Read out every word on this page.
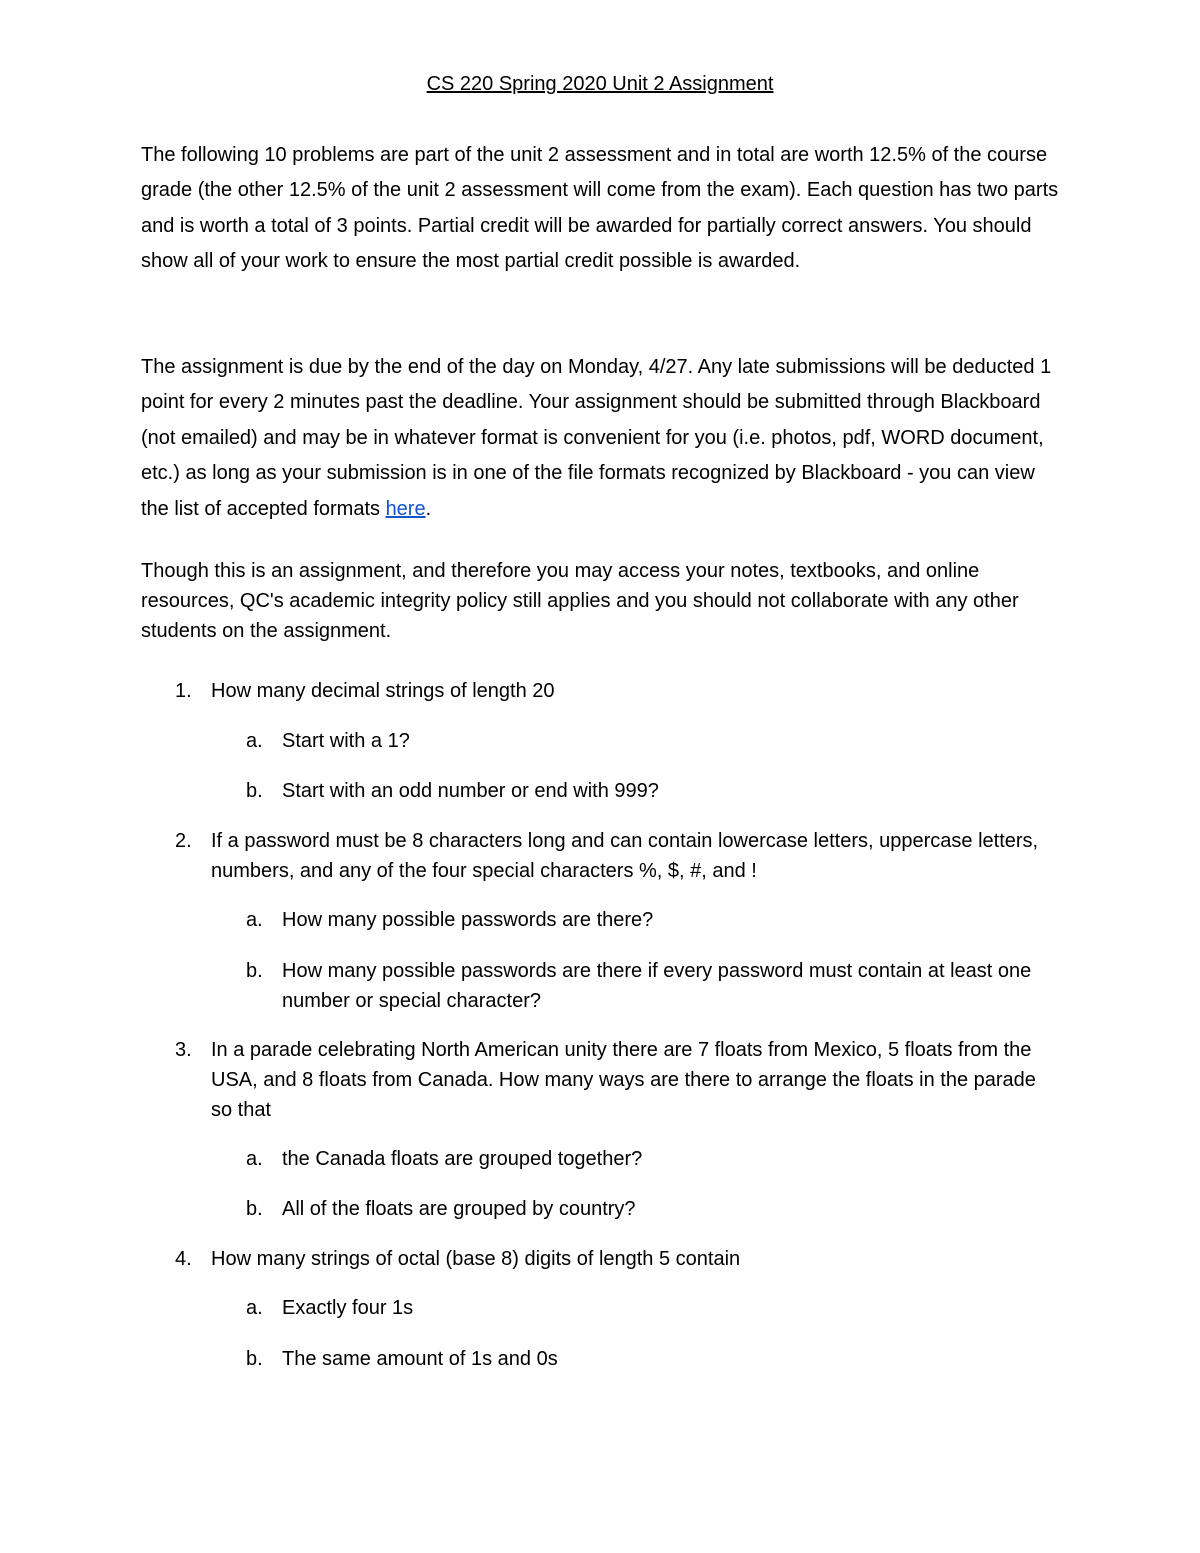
CS 220 Spring 2020 Unit 2 Assignment

The following 10 problems are part of the unit 2 assessment and in total are worth 12.5% of the course grade (the other 12.5% of the unit 2 assessment will come from the exam). Each question has two parts and is worth a total of 3 points. Partial credit will be awarded for partially correct answers. You should show all of your work to ensure the most partial credit possible is awarded.

The assignment is due by the end of the day on Monday, 4/27. Any late submissions will be deducted 1 point for every 2 minutes past the deadline. Your assignment should be submitted through Blackboard (not emailed) and may be in whatever format is convenient for you (i.e. photos, pdf, WORD document, etc.) as long as your submission is in one of the file formats recognized by Blackboard - you can view the list of accepted formats here.

Though this is an assignment, and therefore you may access your notes, textbooks, and online resources, QC's academic integrity policy still applies and you should not collaborate with any other students on the assignment.

1. How many decimal strings of length 20
a. Start with a 1?
b. Start with an odd number or end with 999?
2. If a password must be 8 characters long and can contain lowercase letters, uppercase letters, numbers, and any of the four special characters %, $, #, and !
a. How many possible passwords are there?
b. How many possible passwords are there if every password must contain at least one number or special character?
3. In a parade celebrating North American unity there are 7 floats from Mexico, 5 floats from the USA, and 8 floats from Canada. How many ways are there to arrange the floats in the parade so that
a. the Canada floats are grouped together?
b. All of the floats are grouped by country?
4. How many strings of octal (base 8) digits of length 5 contain
a. Exactly four 1s
b. The same amount of 1s and 0s
